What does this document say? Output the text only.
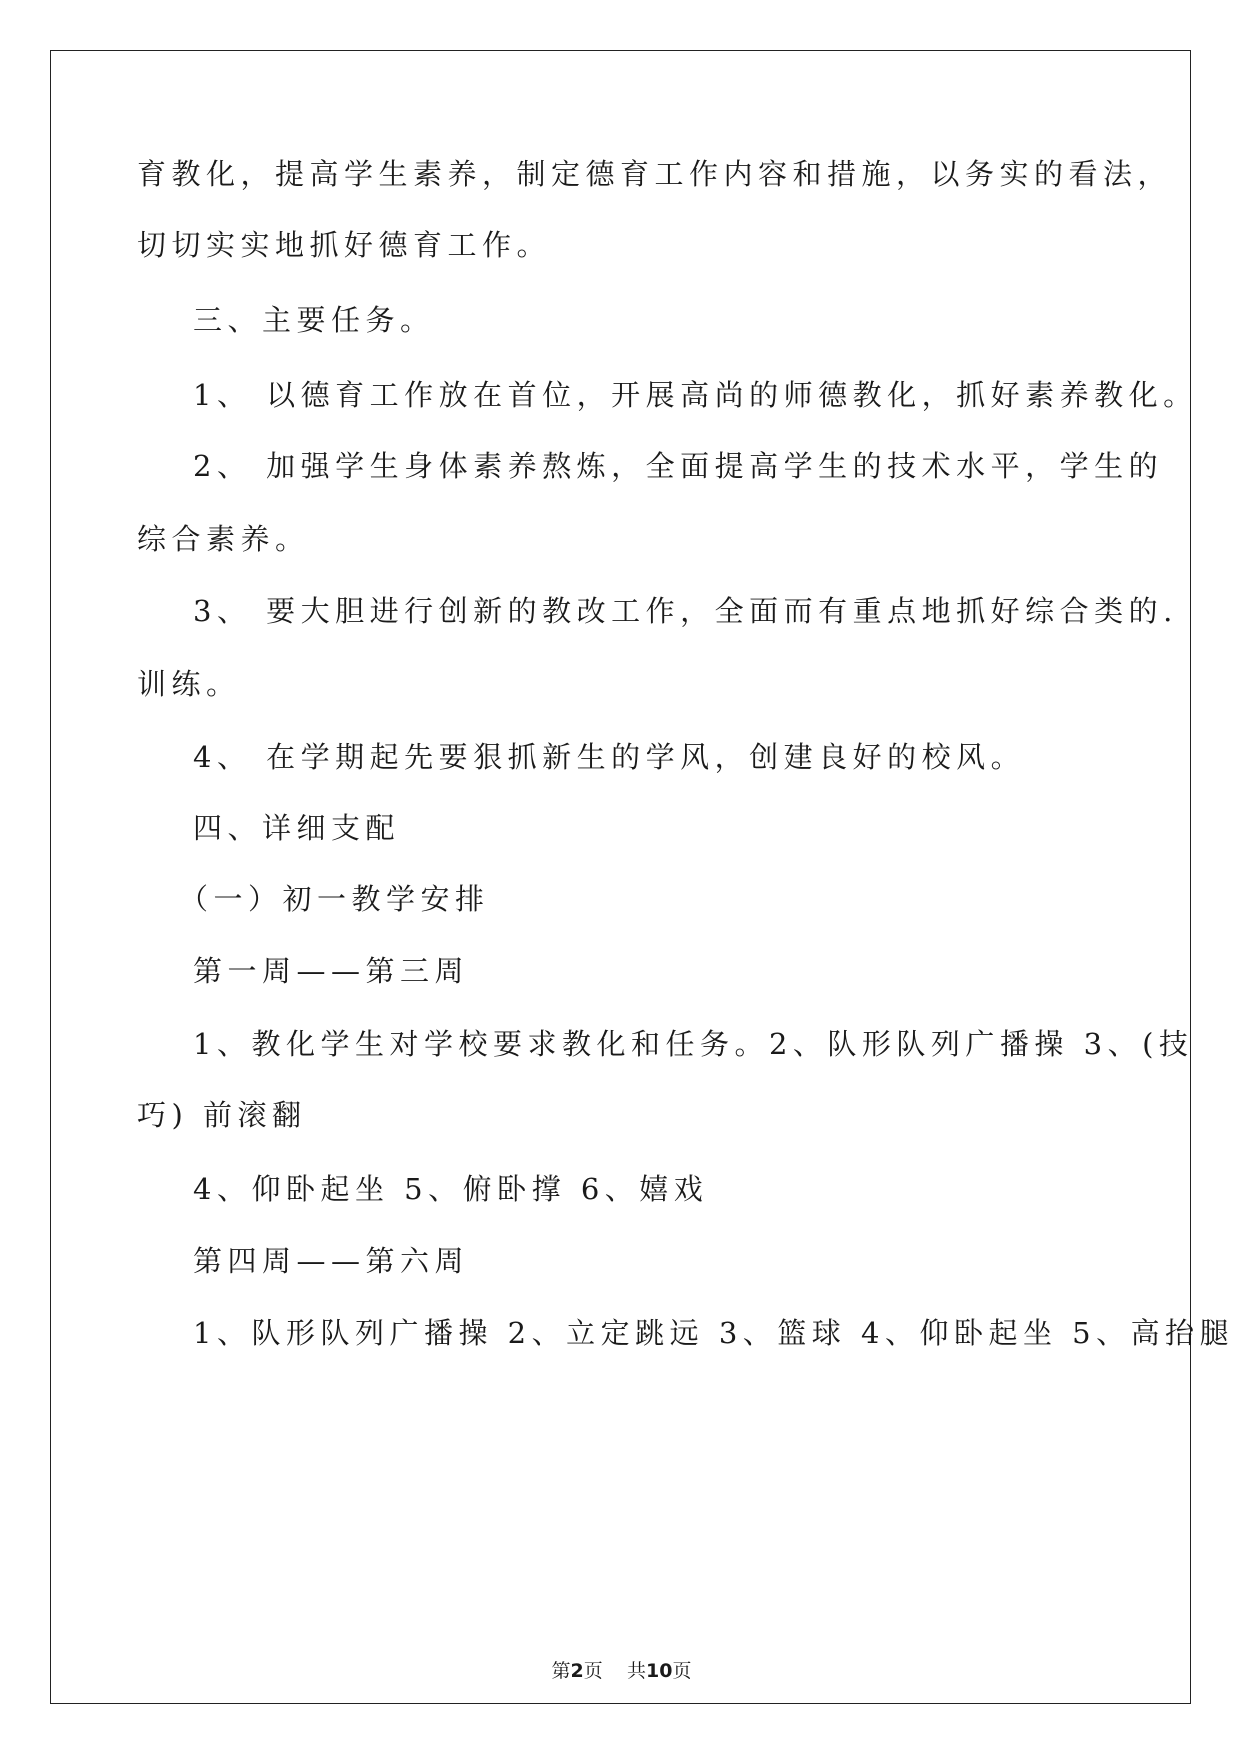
育教化，提高学生素养，制定德育工作内容和措施，以务实的看法，
切切实实地抓好德育工作。
三、主要任务。
1、 以德育工作放在首位，开展高尚的师德教化，抓好素养教化。
2、 加强学生身体素养熬炼，全面提高学生的技术水平，学生的
综合素养。
3、 要大胆进行创新的教改工作，全面而有重点地抓好综合类的.
训练。
4、 在学期起先要狠抓新生的学风，创建良好的校风。
四、详细支配
（一）初一教学安排
第一周——第三周
1、教化学生对学校要求教化和任务。2、队形队列广播操 3、(技
巧) 前滚翻
4、仰卧起坐 5、俯卧撑 6、嬉戏
第四周——第六周
1、队形队列广播操 2、立定跳远 3、篮球 4、仰卧起坐 5、高抬腿
第2页 共10页
